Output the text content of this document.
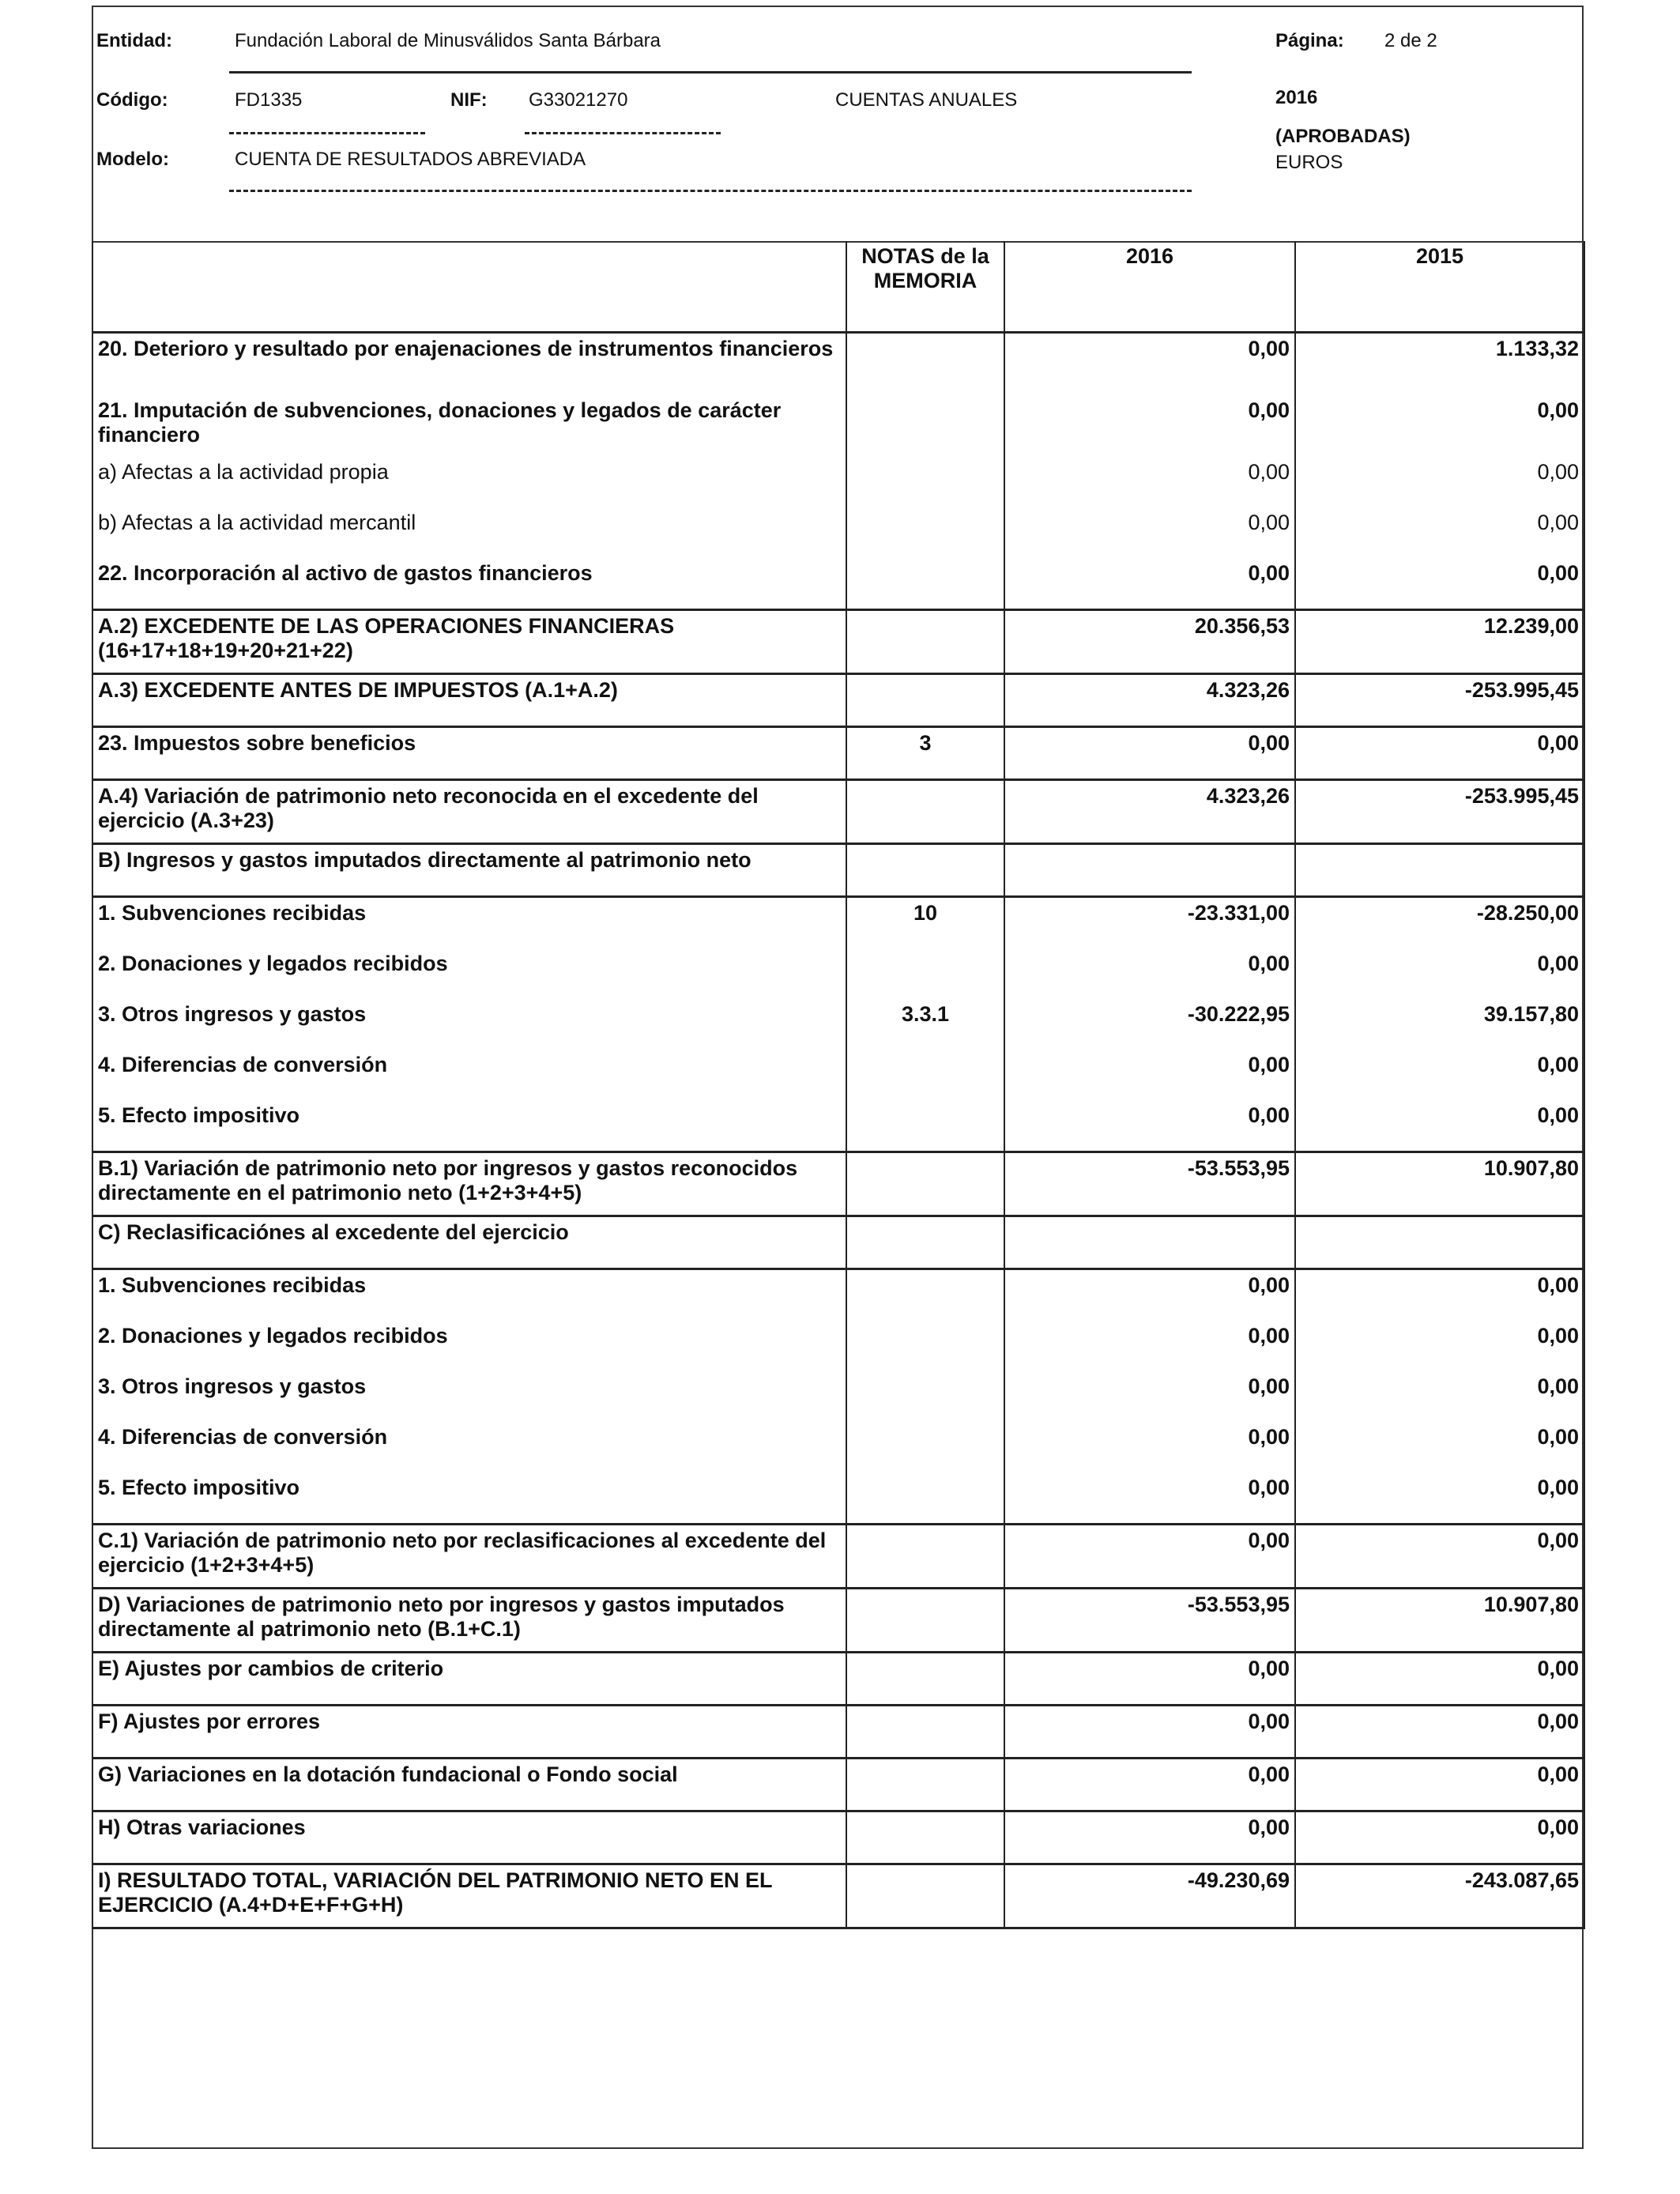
Entidad:	Fundación Laboral de Minusválidos Santa Bárbara	Página: 2 de 2
Código:	FD1335	NIF: G33021270	CUENTAS ANUALES	2016
(APROBADAS)
Modelo:	CUENTA DE RESULTADOS ABREVIADA	EUROS
	NOTAS de la MEMORIA	2016	2015
20. Deterioro y resultado por enajenaciones de instrumentos financieros		0,00	1.133,32
21. Imputación de subvenciones, donaciones y legados de carácter financiero		0,00	0,00
a) Afectas a la actividad propia		0,00	0,00
b) Afectas a la actividad mercantil		0,00	0,00
22. Incorporación al activo de gastos financieros		0,00	0,00
A.2) EXCEDENTE DE LAS OPERACIONES FINANCIERAS (16+17+18+19+20+21+22)		20.356,53	12.239,00
A.3) EXCEDENTE ANTES DE IMPUESTOS (A.1+A.2)		4.323,26	-253.995,45
23. Impuestos sobre beneficios	3	0,00	0,00
A.4) Variación de patrimonio neto reconocida en el excedente del ejercicio (A.3+23)		4.323,26	-253.995,45
B) Ingresos y gastos imputados directamente al patrimonio neto			
1. Subvenciones recibidas	10	-23.331,00	-28.250,00
2. Donaciones y legados recibidos		0,00	0,00
3. Otros ingresos y gastos	3.3.1	-30.222,95	39.157,80
4. Diferencias de conversión		0,00	0,00
5. Efecto impositivo		0,00	0,00
B.1) Variación de patrimonio neto por ingresos y gastos reconocidos directamente en el patrimonio neto (1+2+3+4+5)		-53.553,95	10.907,80
C) Reclasificaciónes al excedente del ejercicio			
1. Subvenciones recibidas		0,00	0,00
2. Donaciones y legados recibidos		0,00	0,00
3. Otros ingresos y gastos		0,00	0,00
4. Diferencias de conversión		0,00	0,00
5. Efecto impositivo		0,00	0,00
C.1) Variación de patrimonio neto por reclasificaciones al excedente del ejercicio (1+2+3+4+5)		0,00	0,00
D) Variaciones de patrimonio neto por ingresos y gastos imputados directamente al patrimonio neto (B.1+C.1)		-53.553,95	10.907,80
E) Ajustes por cambios de criterio		0,00	0,00
F) Ajustes por errores		0,00	0,00
G) Variaciones en la dotación fundacional o Fondo social		0,00	0,00
H) Otras variaciones		0,00	0,00
I) RESULTADO TOTAL, VARIACIÓN DEL PATRIMONIO NETO EN EL EJERCICIO (A.4+D+E+F+G+H)		-49.230,69	-243.087,65
